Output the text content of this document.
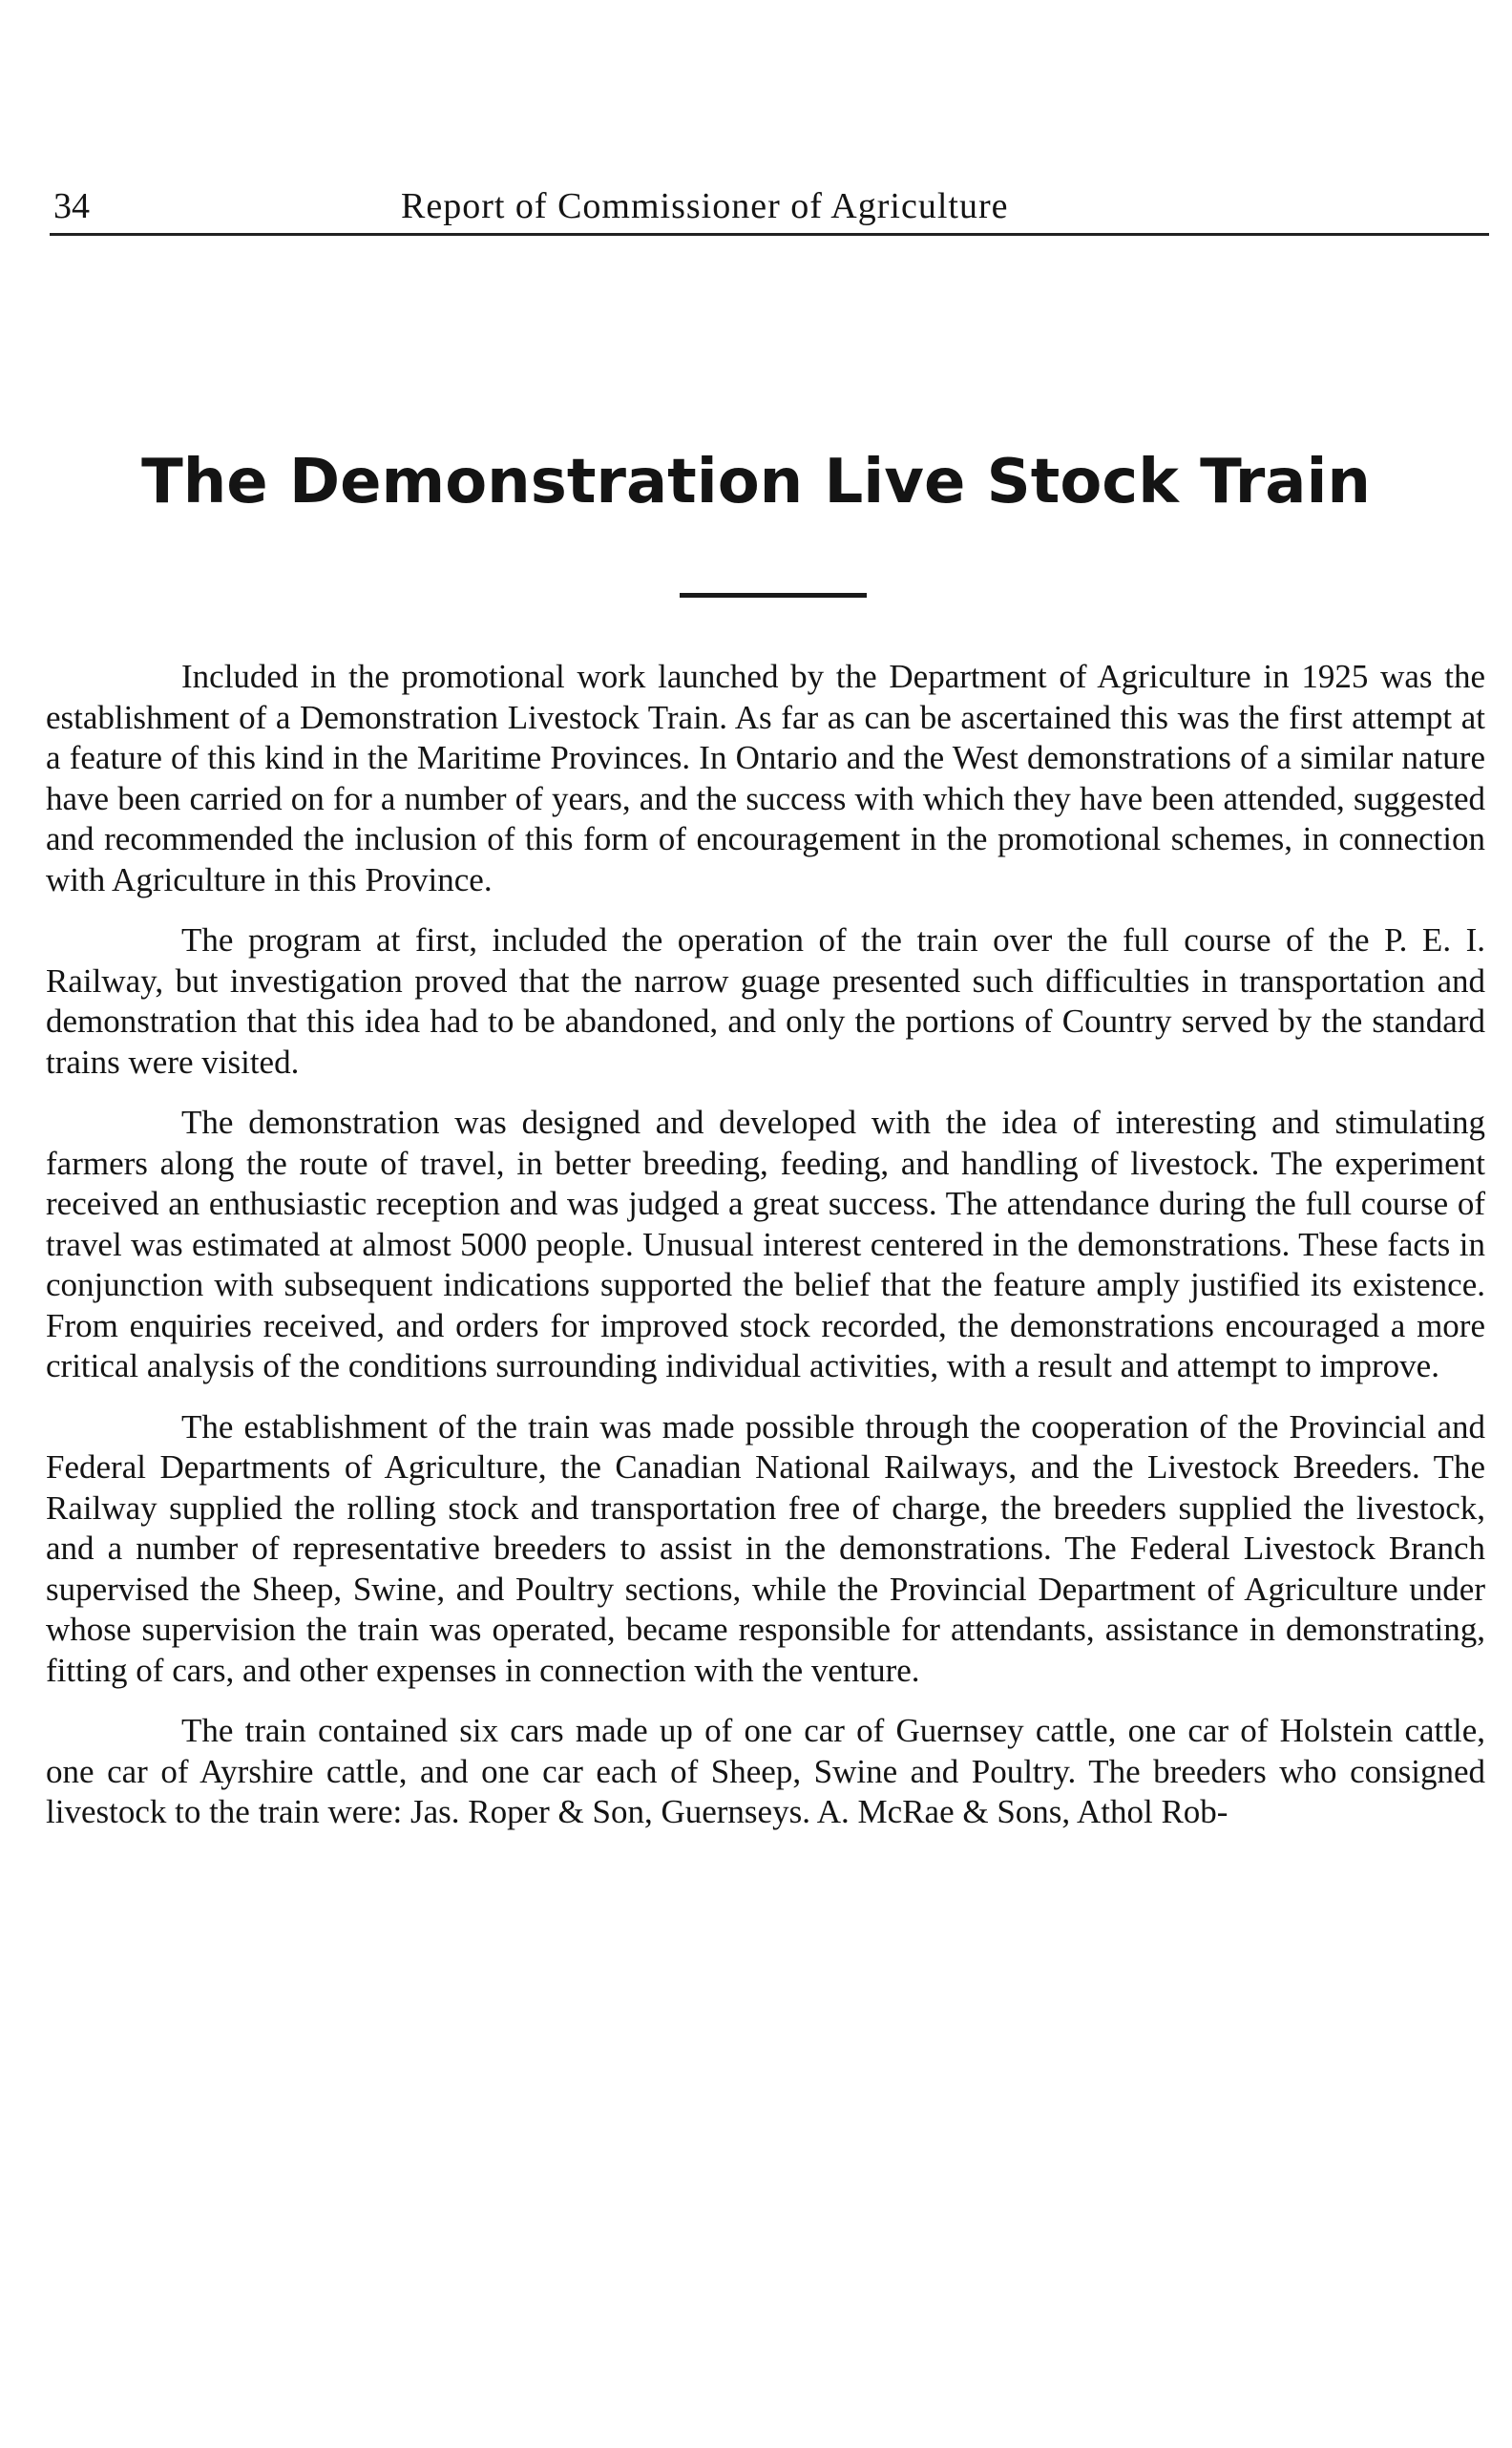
34	Report of Commissioner of Agriculture
The Demonstration Live Stock Train

Included in the promotional work launched by the Department of Agriculture in 1925 was the establishment of a Demonstration Livestock Train. As far as can be ascertained this was the first attempt at a feature of this kind in the Maritime Provinces. In Ontario and the West demonstrations of a similar nature have been carried on for a number of years, and the success with which they have been attended, suggested and recommended the inclusion of this form of encouragement in the promotional schemes, in connection with Agriculture in this Province.

The program at first, included the operation of the train over the full course of the P. E. I. Railway, but investigation proved that the narrow guage presented such difficulties in transportation and demonstration that this idea had to be abandoned, and only the portions of Country served by the standard trains were visited.

The demonstration was designed and developed with the idea of interesting and stimulating farmers along the route of travel, in better breeding, feeding, and handling of livestock. The experiment received an enthusiastic reception and was judged a great success. The attendance during the full course of travel was estimated at almost 5000 people. Unusual interest centered in the demonstrations. These facts in conjunction with subsequent indications supported the belief that the feature amply justified its existence. From enquiries received, and orders for improved stock recorded, the demonstrations encouraged a more critical analysis of the conditions surrounding individual activities, with a result and attempt to improve.

The establishment of the train was made possible through the cooperation of the Provincial and Federal Departments of Agriculture, the Canadian National Railways, and the Livestock Breeders. The Railway supplied the rolling stock and transportation free of charge, the breeders supplied the livestock, and a number of representative breeders to assist in the demonstrations. The Federal Livestock Branch supervised the Sheep, Swine, and Poultry sections, while the Provincial Department of Agriculture under whose supervision the train was operated, became responsible for attendants, assistance in demonstrating, fitting of cars, and other expenses in connection with the venture.

The train contained six cars made up of one car of Guernsey cattle, one car of Holstein cattle, one car of Ayrshire cattle, and one car each of Sheep, Swine and Poultry. The breeders who consigned livestock to the train were: Jas. Roper & Son, Guernseys. A. McRae & Sons, Athol Rob-
